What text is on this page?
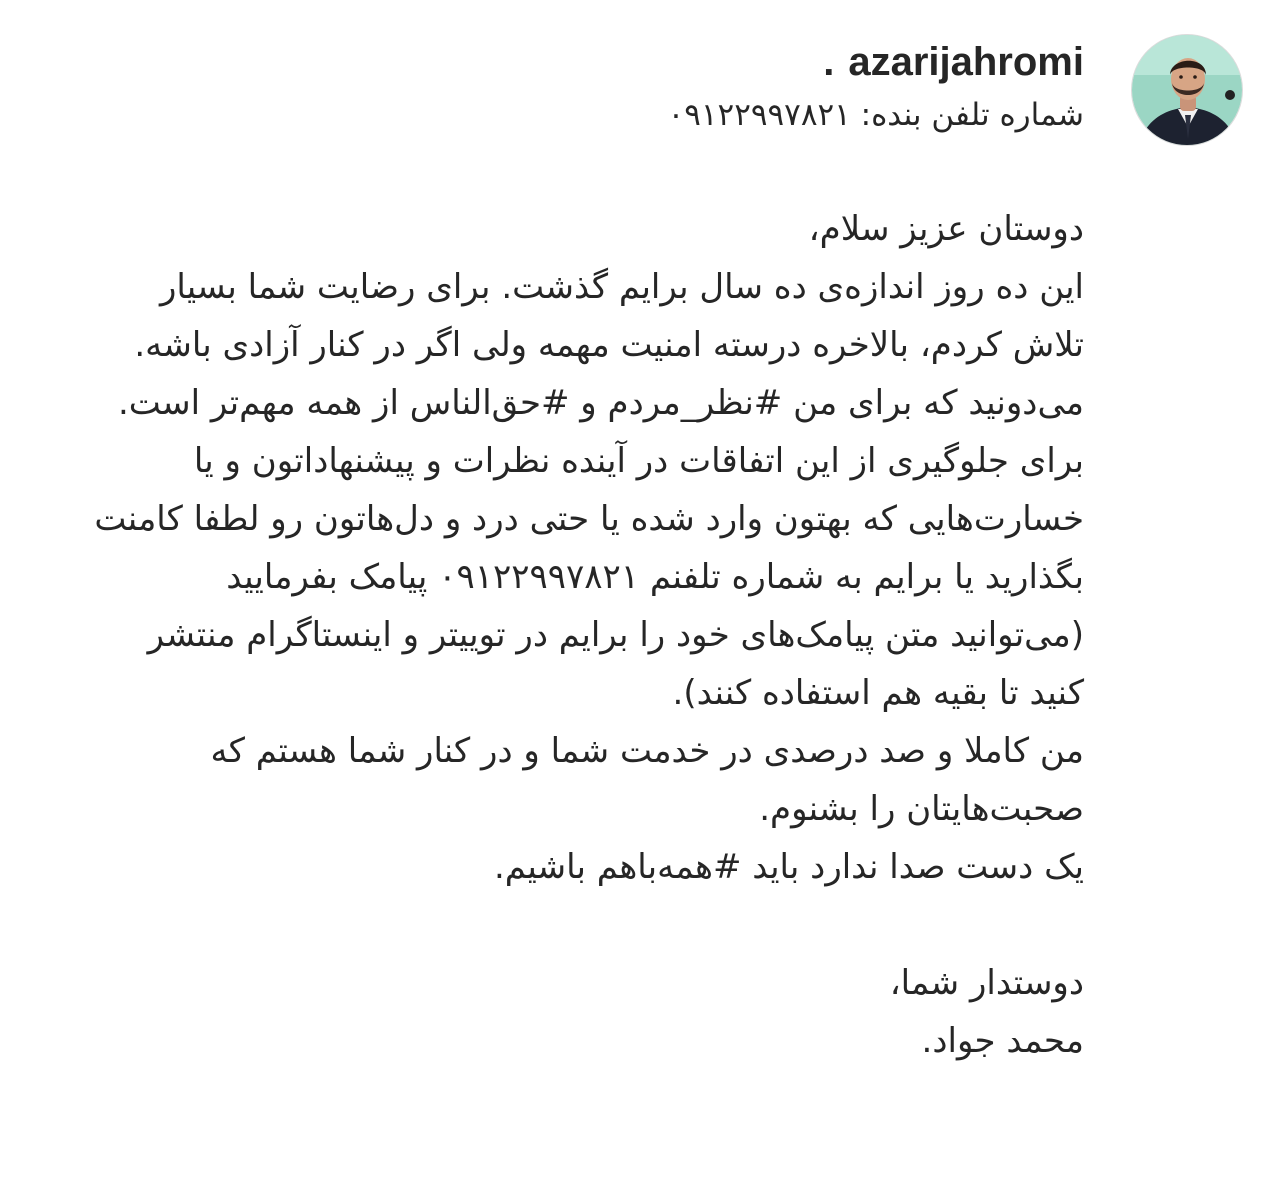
. azarijahromi
شماره تلفن بنده: ۰۹۱۲۲۹۹۷۸۲۱

دوستان عزیز سلام،

این ده روز اندازه‌ی ده سال برایم گذشت. برای رضایت شما بسیار تلاش کردم، بالاخره درسته امنیت مهمه ولی اگر در کنار آزادی باشه.

می‌دونید که برای من #نظر_مردم و #حق‌الناس از همه مهم‌تر است. برای جلوگیری از این اتفاقات در آینده نظرات و پیشنهاداتون و یا خسارت‌هایی که بهتون وارد شده یا حتی درد و دل‌هاتون رو لطفا کامنت بگذارید یا برایم به شماره تلفنم ۰۹۱۲۲۹۹۷۸۲۱ پیامک بفرمایید (می‌توانید متن پیامک‌های خود را برایم در توییتر و اینستاگرام منتشر کنید تا بقیه هم استفاده کنند).

من کاملا و صد درصدی در خدمت شما و در کنار شما هستم که صحبت‌هایتان را بشنوم.

یک دست صدا ندارد باید #همه‌باهم باشیم.

دوستدار شما،

محمد جواد.
